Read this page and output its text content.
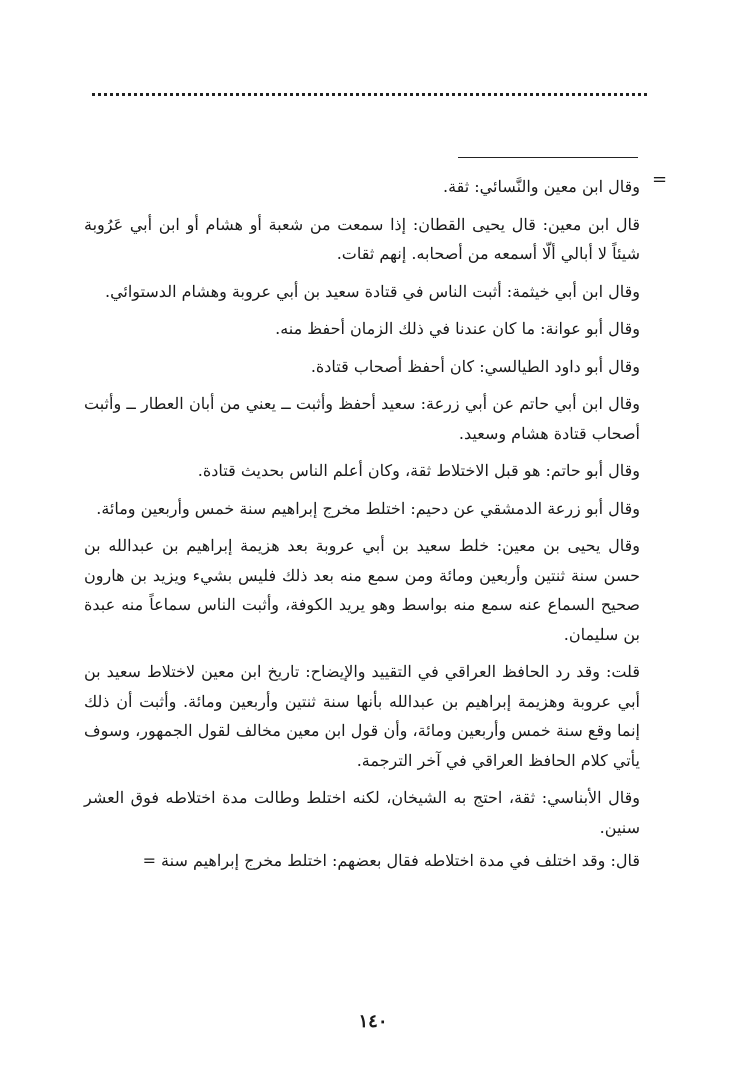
=

وقال ابن معين والنَّسائي: ثقة.

قال ابن معين: قال يحيى القطان: إذا سمعت من شعبة أو هشام أو ابن أبي عَرُوبة شيئاً لا أبالي ألّا أسمعه من أصحابه. إنهم ثقات.

وقال ابن أبي خيثمة: أثبت الناس في قتادة سعيد بن أبي عروبة وهشام الدستوائي.

وقال أبو عوانة: ما كان عندنا في ذلك الزمان أحفظ منه.

وقال أبو داود الطيالسي: كان أحفظ أصحاب قتادة.

وقال ابن أبي حاتم عن أبي زرعة: سعيد أحفظ وأثبت ــ يعني من أبان العطار ــ وأثبت أصحاب قتادة هشام وسعيد.

وقال أبو حاتم: هو قبل الاختلاط ثقة، وكان أعلم الناس بحديث قتادة.

وقال أبو زرعة الدمشقي عن دحيم: اختلط مخرج إبراهيم سنة خمس وأربعين ومائة.

وقال يحيى بن معين: خلط سعيد بن أبي عروبة بعد هزيمة إبراهيم بن عبدالله بن حسن سنة ثنتين وأربعين ومائة ومن سمع منه بعد ذلك فليس بشيء ويزيد بن هارون صحيح السماع عنه سمع منه بواسط وهو يريد الكوفة، وأثبت الناس سماعاً منه عبدة بن سليمان.

قلت: وقد رد الحافظ العراقي في التقييد والإيضاح: تاريخ ابن معين لاختلاط سعيد بن أبي عروبة وهزيمة إبراهيم بن عبدالله بأنها سنة ثنتين وأربعين ومائة. وأثبت أن ذلك إنما وقع سنة خمس وأربعين ومائة، وأن قول ابن معين مخالف لقول الجمهور، وسوف يأتي كلام الحافظ العراقي في آخر الترجمة.

وقال الأبناسي: ثقة، احتج به الشيخان، لكنه اختلط وطالت مدة اختلاطه فوق العشر سنين.

قال: وقد اختلف في مدة اختلاطه فقال بعضهم: اختلط مخرج إبراهيم سنة =

١٤٠
